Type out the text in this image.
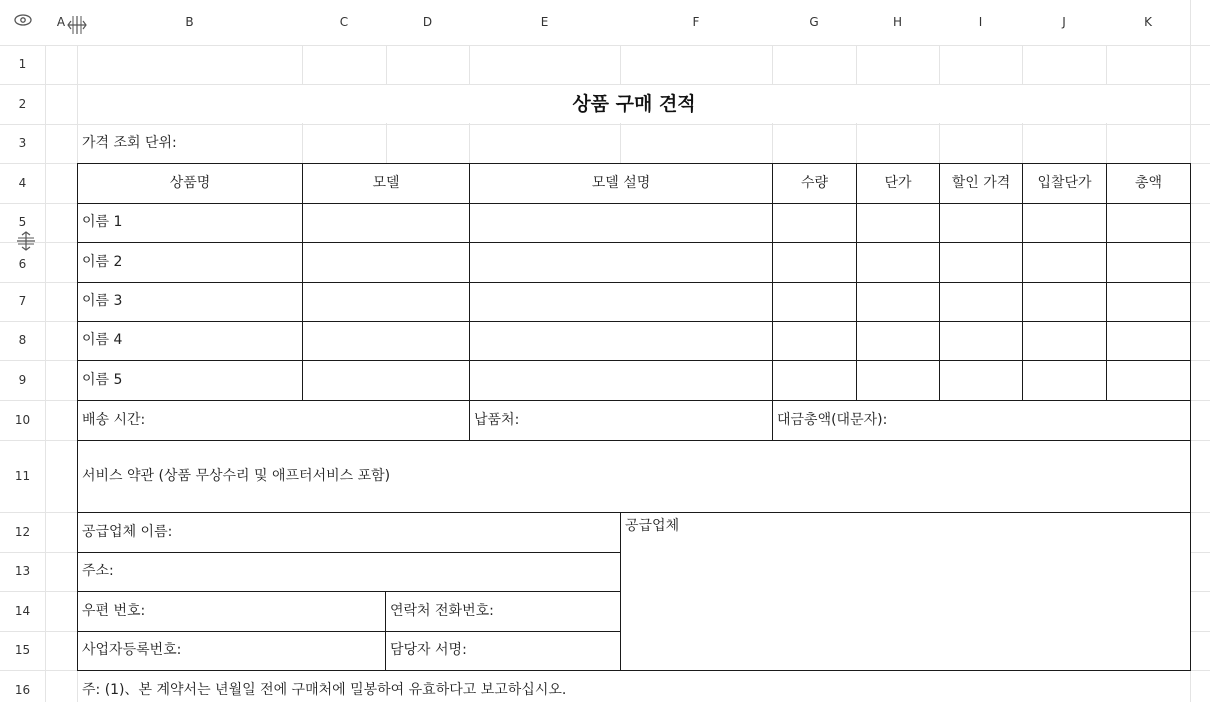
A	B	C	D	E	F	G	H	I	J	K
1
2
3
4
5
6
7
8
9
10
11
12
13
14
15
16
상품 구매 견적
가격 조회 단위:
상품명	모델	모델 설명	수량	단가	할인 가격	입찰단가	총액
이름 1
이름 2
이름 3
이름 4
이름 5
배송 시간:	납품처:	대금총액(대문자):
서비스 약관 (상품 무상수리 및 애프터서비스 포함)
공급업체 이름:	공급업체
주소:
우편 번호:	연락처 전화번호:
사업자등록번호:	담당자 서명:
주: (1)、본 계약서는 년월일 전에 구매처에 밀봉하여 유효하다고 보고하십시오.
